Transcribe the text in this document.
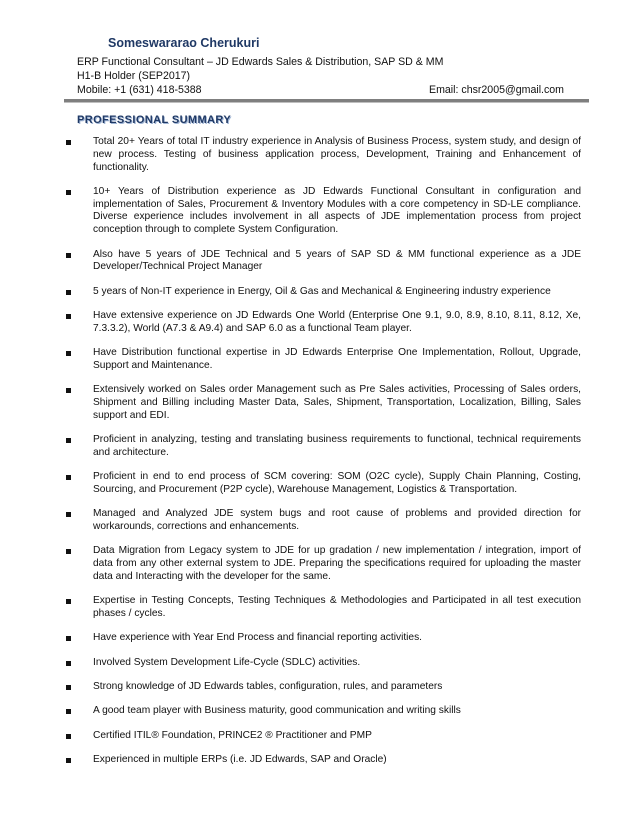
Someswararao Cherukuri
ERP Functional Consultant – JD Edwards Sales & Distribution, SAP SD & MM
H1-B Holder (SEP2017)
Mobile: +1 (631) 418-5388	Email: chsr2005@gmail.com
PROFESSIONAL SUMMARY
Total 20+ Years of total IT industry experience in Analysis of Business Process, system study, and design of new process. Testing of business application process, Development, Training and Enhancement of functionality.
10+ Years of Distribution experience as JD Edwards Functional Consultant in configuration and implementation of Sales, Procurement & Inventory Modules with a core competency in SD-LE compliance. Diverse experience includes involvement in all aspects of JDE implementation process from project conception through to complete System Configuration.
Also have 5 years of JDE Technical and 5 years of SAP SD & MM functional experience as a JDE Developer/Technical Project Manager
5 years of Non-IT experience in Energy, Oil & Gas and Mechanical & Engineering industry experience
Have extensive experience on JD Edwards One World (Enterprise One 9.1, 9.0, 8.9, 8.10, 8.11, 8.12, Xe, 7.3.3.2), World (A7.3 & A9.4) and SAP 6.0 as a functional Team player.
Have Distribution functional expertise in JD Edwards Enterprise One Implementation, Rollout, Upgrade, Support and Maintenance.
Extensively worked on Sales order Management such as Pre Sales activities, Processing of Sales orders, Shipment and Billing including Master Data, Sales, Shipment, Transportation, Localization, Billing, Sales support and EDI.
Proficient in analyzing, testing and translating business requirements to functional, technical requirements and architecture.
Proficient in end to end process of SCM covering: SOM (O2C cycle), Supply Chain Planning, Costing, Sourcing, and Procurement (P2P cycle), Warehouse Management, Logistics & Transportation.
Managed and Analyzed JDE system bugs and root cause of problems and provided direction for workarounds, corrections and enhancements.
Data Migration from Legacy system to JDE for up gradation / new implementation / integration, import of data from any other external system to JDE. Preparing the specifications required for uploading the master data and Interacting with the developer for the same.
Expertise in Testing Concepts, Testing Techniques & Methodologies and Participated in all test execution phases / cycles.
Have experience with Year End Process and financial reporting activities.
Involved System Development Life-Cycle (SDLC) activities.
Strong knowledge of JD Edwards tables, configuration, rules, and parameters
A good team player with Business maturity, good communication and writing skills
Certified ITIL® Foundation, PRINCE2 ® Practitioner and PMP
Experienced in multiple ERPs (i.e. JD Edwards, SAP and Oracle)
